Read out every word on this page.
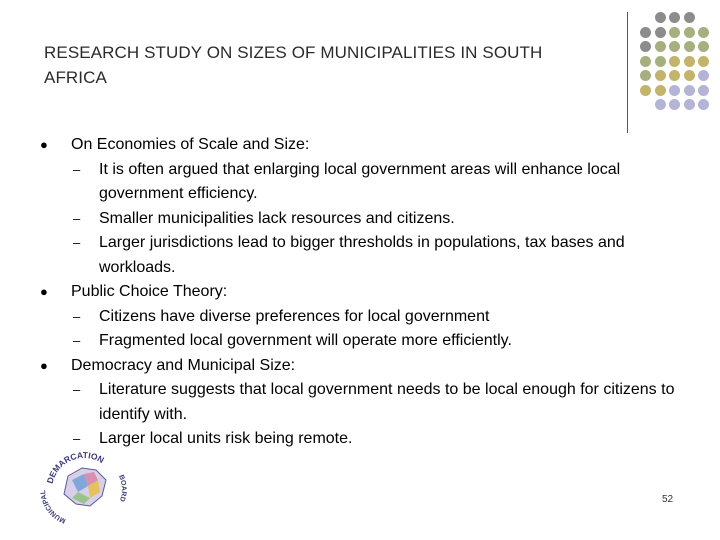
RESEARCH STUDY ON SIZES OF MUNICIPALITIES IN SOUTH AFRICA
● On Economies of Scale and Size:
– It is often argued that enlarging local government areas will enhance local government efficiency.
– Smaller municipalities lack resources and citizens.
– Larger jurisdictions lead to bigger thresholds in populations, tax bases and workloads.
● Public Choice Theory:
– Citizens have diverse preferences for local government
– Fragmented local government will operate more efficiently.
● Democracy and Municipal Size:
– Literature suggests that local government needs to be local enough for citizens to identify with.
– Larger local units risk being remote.
DEMARCATION
MUNICIPAL
BOARD	52
